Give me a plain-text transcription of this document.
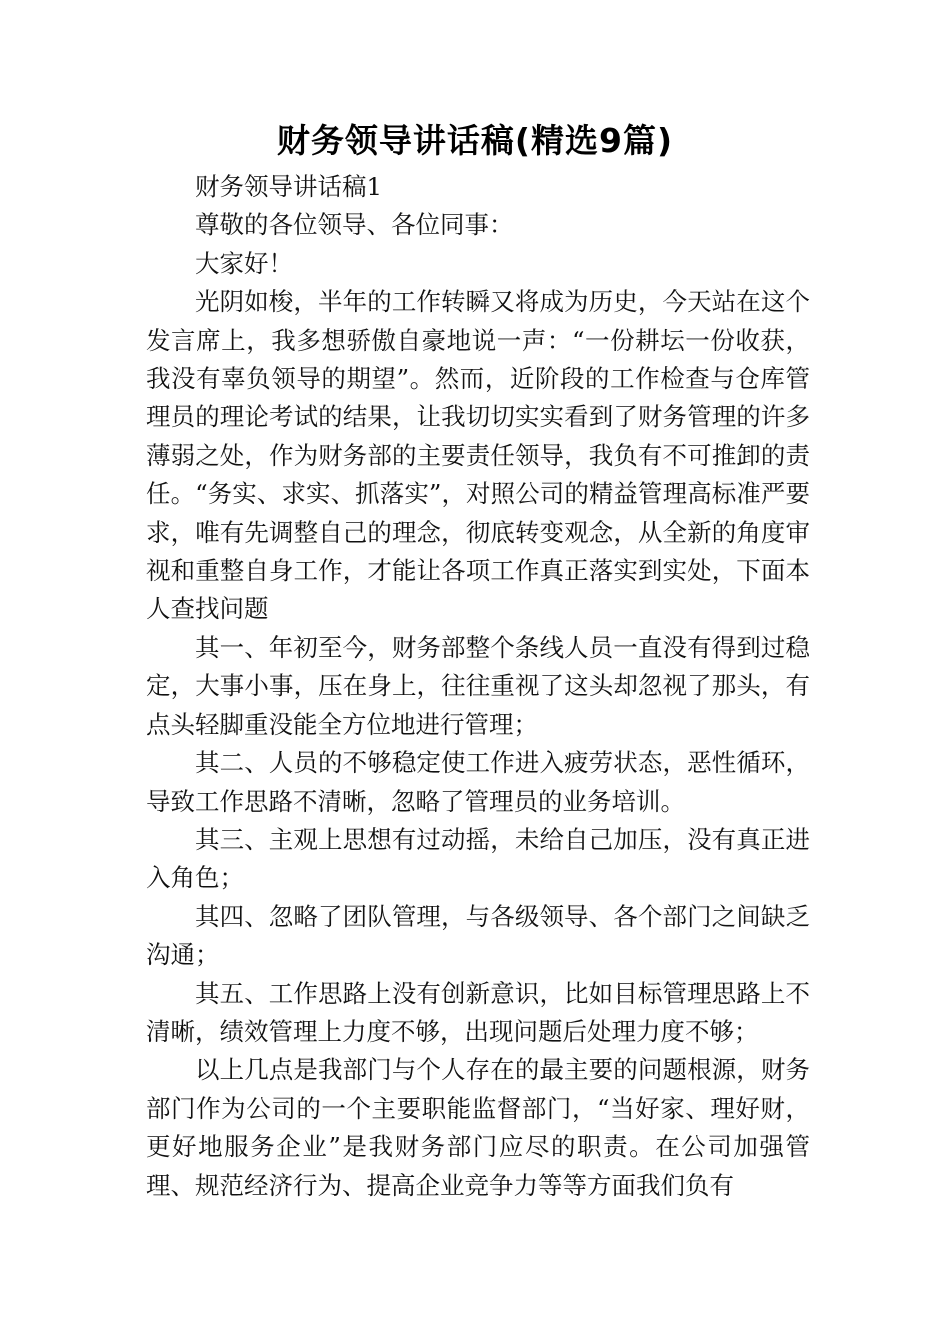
财务领导讲话稿(精选9篇)

财务领导讲话稿1

尊敬的各位领导、各位同事：

大家好！

光阴如梭，半年的工作转瞬又将成为历史，今天站在这个发言席上，我多想骄傲自豪地说一声：“一份耕坛一份收获，我没有辜负领导的期望”。然而，近阶段的工作检查与仓库管理员的理论考试的结果，让我切切实实看到了财务管理的许多薄弱之处，作为财务部的主要责任领导，我负有不可推卸的责任。“务实、求实、抓落实”，对照公司的精益管理高标准严要求，唯有先调整自己的理念，彻底转变观念，从全新的角度审视和重整自身工作，才能让各项工作真正落实到实处，下面本人查找问题

其一、年初至今，财务部整个条线人员一直没有得到过稳定，大事小事，压在身上，往往重视了这头却忽视了那头，有点头轻脚重没能全方位地进行管理；

其二、人员的不够稳定使工作进入疲劳状态，恶性循环，导致工作思路不清晰，忽略了管理员的业务培训。

其三、主观上思想有过动摇，未给自己加压，没有真正进入角色；

其四、忽略了团队管理，与各级领导、各个部门之间缺乏沟通；

其五、工作思路上没有创新意识，比如目标管理思路上不清晰，绩效管理上力度不够，出现问题后处理力度不够；

以上几点是我部门与个人存在的最主要的问题根源，财务部门作为公司的一个主要职能监督部门，“当好家、理好财，更好地服务企业”是我财务部门应尽的职责。在公司加强管理、规范经济行为、提高企业竞争力等等方面我们负有
